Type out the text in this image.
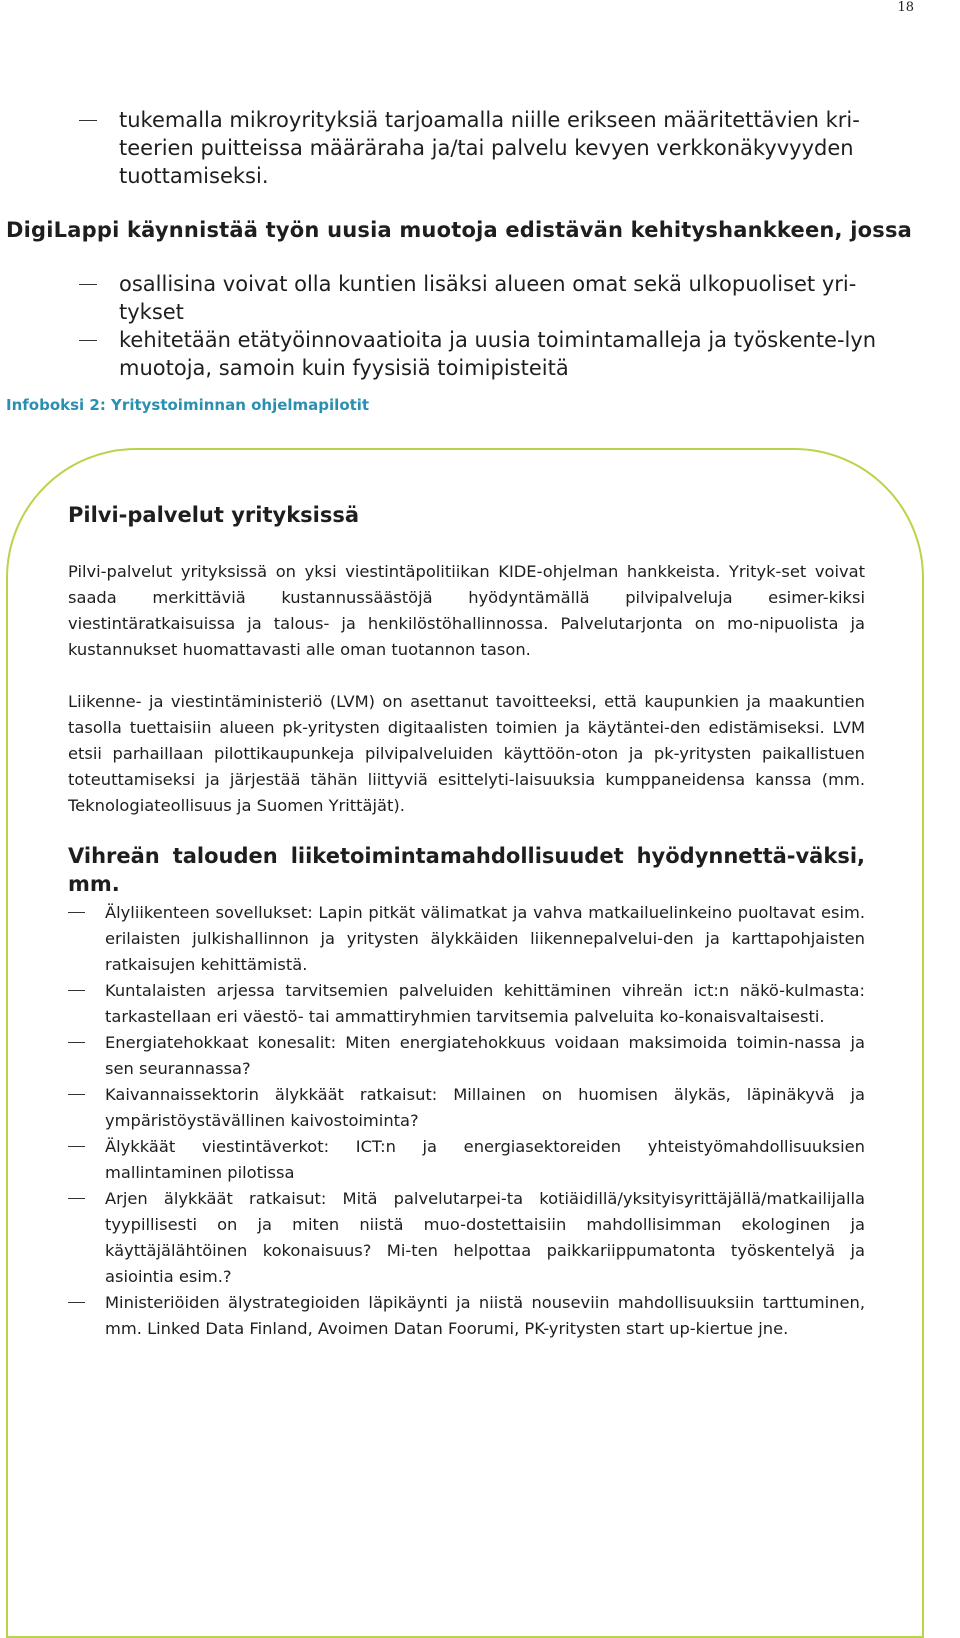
18

tukemalla mikroyrityksiä tarjoamalla niille erikseen määritettävien kri-teerien puitteissa määräraha ja/tai palvelu kevyen verkkonäkyvyyden tuottamiseksi.

DigiLappi käynnistää työn uusia muotoja edistävän kehityshankkeen, jossa

osallisina voivat olla kuntien lisäksi alueen omat sekä ulkopuoliset yri-tykset

kehitetään etätyöinnovaatioita ja uusia toimintamalleja ja työskente-lyn muotoja, samoin kuin fyysisiä toimipisteitä

Infoboksi 2: Yritystoiminnan ohjelmapilotit
Pilvi-palvelut yrityksissä

Pilvi-palvelut yrityksissä on yksi viestintäpolitiikan KIDE-ohjelman hankkeista. Yrityk-set voivat saada merkittäviä kustannussäästöjä hyödyntämällä pilvipalveluja esimer-kiksi viestintäratkaisuissa ja talous- ja henkilöstöhallinnossa. Palvelutarjonta on mo-nipuolista ja kustannukset huomattavasti alle oman tuotannon tason.

Liikenne- ja viestintäministeriö (LVM) on asettanut tavoitteeksi, että kaupunkien ja maakuntien tasolla tuettaisiin alueen pk-yritysten digitaalisten toimien ja käytäntei-den edistämiseksi. LVM etsii parhaillaan pilottikaupunkeja pilvipalveluiden käyttöön-oton ja pk-yritysten paikallistuen toteuttamiseksi ja järjestää tähän liittyviä esittelyti-laisuuksia kumppaneidensa kanssa (mm. Teknologiateollisuus ja Suomen Yrittäjät).

Vihreän talouden liiketoimintamahdollisuudet hyödynnettä-väksi, mm.

Älyliikenteen sovellukset: Lapin pitkät välimatkat ja vahva matkailuelinkeino puoltavat esim. erilaisten julkishallinnon ja yritysten älykkäiden liikennepalvelui-den ja karttapohjaisten ratkaisujen kehittämistä.

Kuntalaisten arjessa tarvitsemien palveluiden kehittäminen vihreän ict:n näkö-kulmasta: tarkastellaan eri väestö- tai ammattiryhmien tarvitsemia palveluita ko-konaisvaltaisesti.

Energiatehokkaat konesalit: Miten energiatehokkuus voidaan maksimoida toimin-nassa ja sen seurannassa?

Kaivannaissektorin älykkäät ratkaisut: Millainen on huomisen älykäs, läpinäkyvä ja ympäristöystävällinen kaivostoiminta?

Älykkäät viestintäverkot: ICT:n ja energiasektoreiden yhteistyömahdollisuuksien mallintaminen pilotissa

Arjen älykkäät ratkaisut: Mitä palvelutarpei-ta kotiäidillä/yksityisyrittäjällä/matkailijalla tyypillisesti on ja miten niistä muo-dostettaisiin mahdollisimman ekologinen ja käyttäjälähtöinen kokonaisuus? Mi-ten helpottaa paikkariippumatonta työskentelyä ja asiointia esim.?

Ministeriöiden älystrategioiden läpikäynti ja niistä nouseviin mahdollisuuksiin tarttuminen, mm. Linked Data Finland, Avoimen Datan Foorumi, PK-yritysten start up-kiertue jne.
